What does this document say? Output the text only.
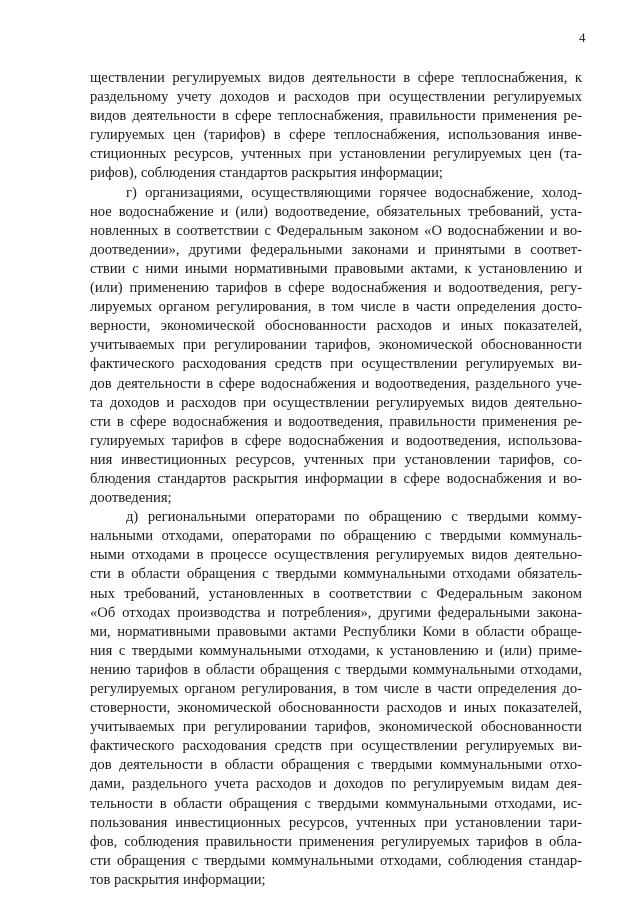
4
ществлении регулируемых видов деятельности в сфере теплоснабжения, к
раздельному учету доходов и расходов при осуществлении регулируемых
видов деятельности в сфере теплоснабжения, правильности применения ре-
гулируемых цен (тарифов) в сфере теплоснабжения, использования инве-
стиционных ресурсов, учтенных при установлении регулируемых цен (та-
рифов), соблюдения стандартов раскрытия информации;
г) организациями, осуществляющими горячее водоснабжение, холод-
ное водоснабжение и (или) водоотведение, обязательных требований, уста-
новленных в соответствии с Федеральным законом «О водоснабжении и во-
доотведении», другими федеральными законами и принятыми в соответ-
ствии с ними иными нормативными правовыми актами, к установлению и
(или) применению тарифов в сфере водоснабжения и водоотведения, регу-
лируемых органом регулирования, в том числе в части определения досто-
верности, экономической обоснованности расходов и иных показателей,
учитываемых при регулировании тарифов, экономической обоснованности
фактического расходования средств при осуществлении регулируемых ви-
дов деятельности в сфере водоснабжения и водоотведения, раздельного уче-
та доходов и расходов при осуществлении регулируемых видов деятельно-
сти в сфере водоснабжения и водоотведения, правильности применения ре-
гулируемых тарифов в сфере водоснабжения и водоотведения, использова-
ния инвестиционных ресурсов, учтенных при установлении тарифов, со-
блюдения стандартов раскрытия информации в сфере водоснабжения и во-
доотведения;
д) региональными операторами по обращению с твердыми комму-
нальными отходами, операторами по обращению с твердыми коммуналь-
ными отходами в процессе осуществления регулируемых видов деятельно-
сти в области обращения с твердыми коммунальными отходами обязатель-
ных требований, установленных в соответствии с Федеральным законом
«Об отходах производства и потребления», другими федеральными закона-
ми, нормативными правовыми актами Республики Коми в области обраще-
ния с твердыми коммунальными отходами, к установлению и (или) приме-
нению тарифов в области обращения с твердыми коммунальными отходами,
регулируемых органом регулирования, в том числе в части определения до-
стоверности, экономической обоснованности расходов и иных показателей,
учитываемых при регулировании тарифов, экономической обоснованности
фактического расходования средств при осуществлении регулируемых ви-
дов деятельности в области обращения с твердыми коммунальными отхо-
дами, раздельного учета расходов и доходов по регулируемым видам дея-
тельности в области обращения с твердыми коммунальными отходами, ис-
пользования инвестиционных ресурсов, учтенных при установлении тари-
фов, соблюдения правильности применения регулируемых тарифов в обла-
сти обращения с твердыми коммунальными отходами, соблюдения стандар-
тов раскрытия информации;
